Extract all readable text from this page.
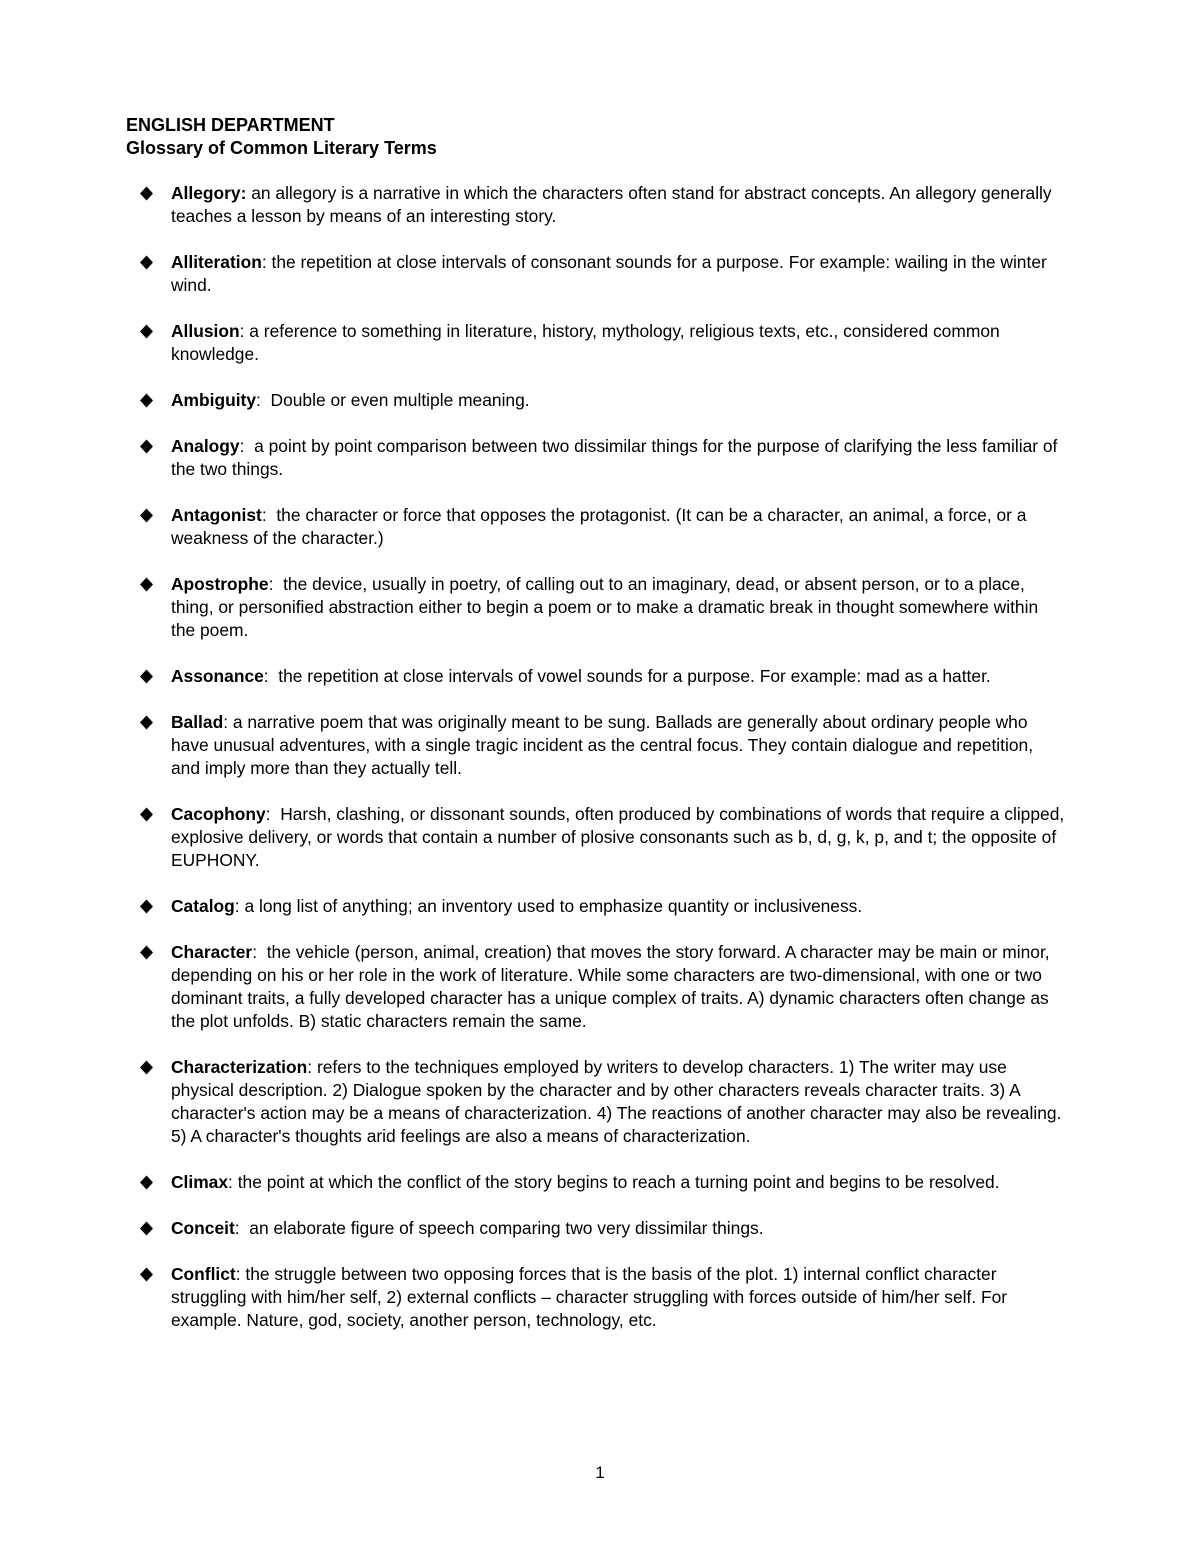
ENGLISH DEPARTMENT
Glossary of Common Literary Terms
Allegory: an allegory is a narrative in which the characters often stand for abstract concepts. An allegory generally teaches a lesson by means of an interesting story.
Alliteration: the repetition at close intervals of consonant sounds for a purpose. For example: wailing in the winter wind.
Allusion: a reference to something in literature, history, mythology, religious texts, etc., considered common knowledge.
Ambiguity:  Double or even multiple meaning.
Analogy:  a point by point comparison between two dissimilar things for the purpose of clarifying the less familiar of the two things.
Antagonist:  the character or force that opposes the protagonist. (It can be a character, an animal, a force, or a weakness of the character.)
Apostrophe:  the device, usually in poetry, of calling out to an imaginary, dead, or absent person, or to a place, thing, or personified abstraction either to begin a poem or to make a dramatic break in thought somewhere within the poem.
Assonance:  the repetition at close intervals of vowel sounds for a purpose. For example: mad as a hatter.
Ballad: a narrative poem that was originally meant to be sung. Ballads are generally about ordinary people who have unusual adventures, with a single tragic incident as the central focus. They contain dialogue and repetition, and imply more than they actually tell.
Cacophony:  Harsh, clashing, or dissonant sounds, often produced by combinations of words that require a clipped, explosive delivery, or words that contain a number of plosive consonants such as b, d, g, k, p, and t; the opposite of EUPHONY.
Catalog: a long list of anything; an inventory used to emphasize quantity or inclusiveness.
Character:  the vehicle (person, animal, creation) that moves the story forward. A character may be main or minor, depending on his or her role in the work of literature. While some characters are two-dimensional, with one or two dominant traits, a fully developed character has a unique complex of traits. A) dynamic characters often change as the plot unfolds. B) static characters remain the same.
Characterization: refers to the techniques employed by writers to develop characters. 1) The writer may use physical description. 2) Dialogue spoken by the character and by other characters reveals character traits. 3) A character's action may be a means of characterization. 4) The reactions of another character may also be revealing. 5) A character's thoughts arid feelings are also a means of characterization.
Climax: the point at which the conflict of the story begins to reach a turning point and begins to be resolved.
Conceit:  an elaborate figure of speech comparing two very dissimilar things.
Conflict: the struggle between two opposing forces that is the basis of the plot. 1) internal conflict character struggling with him/her self, 2) external conflicts – character struggling with forces outside of him/her self. For example. Nature, god, society, another person, technology, etc.
1
